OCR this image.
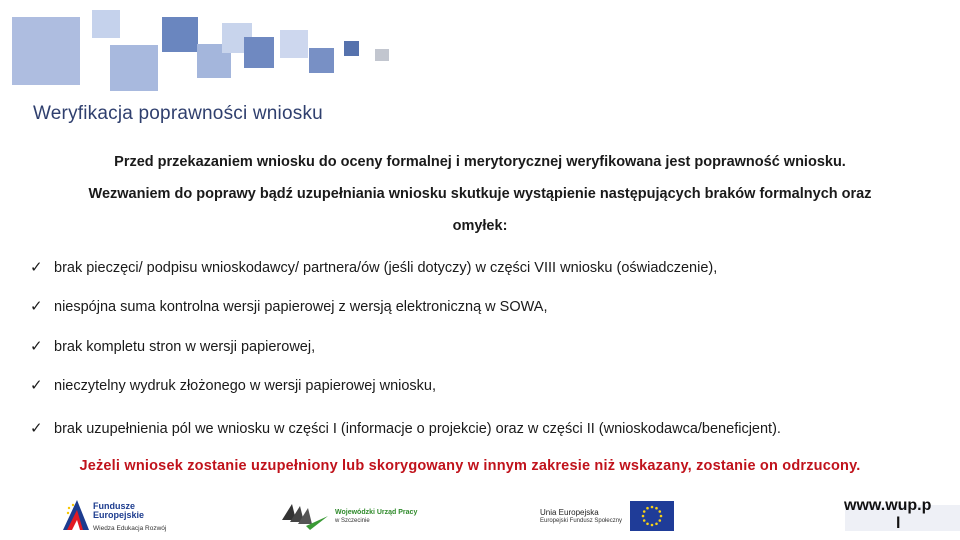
Weryfikacja poprawności wniosku
Przed przekazaniem wniosku do oceny formalnej i merytorycznej weryfikowana jest poprawność wniosku.
Wezwaniem do poprawy bądź uzupełniania wniosku skutkuje wystąpienie następujących braków formalnych oraz
omyłek:
✓ brak pieczęci/ podpisu wnioskodawcy/ partnera/ów (jeśli dotyczy) w części VIII wniosku (oświadczenie),
✓ niespójna suma kontrolna wersji papierowej z wersją elektroniczną w SOWA,
✓ brak kompletu stron w wersji papierowej,
✓ nieczytelny wydruk złożonego w wersji papierowej wniosku,
✓ brak uzupełnienia pól we wniosku w części I (informacje o projekcie) oraz w części II (wnioskodawca/beneficjent).
Jeżeli wniosek zostanie uzupełniony lub skorygowany w innym zakresie niż wskazany, zostanie on odrzucony.
Fundusze
Europejskie
Wiedza Edukacja Rozwój
Wojewódzki Urząd Pracy
w Szczecinie
Unia Europejska
Europejski Fundusz Społeczny
www.wup.p
l
